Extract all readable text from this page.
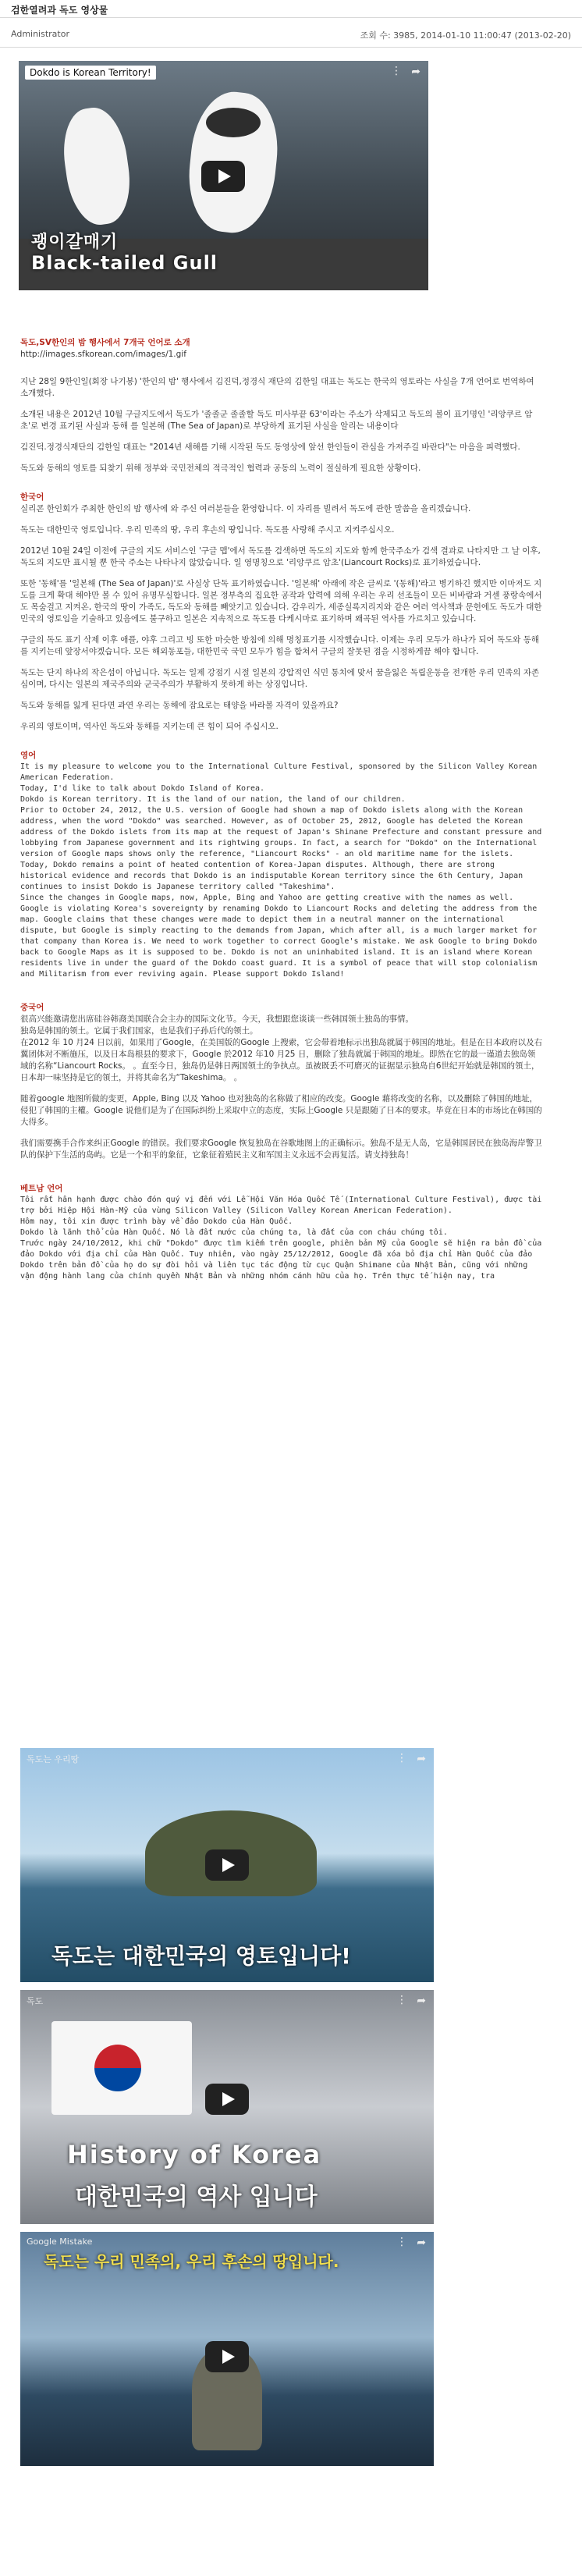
검한열려과 독도 영상물
Administrator	조회 수: 3985, 2014-01-10 11:00:47 (2013-02-20)
Dokdo is Korean Territory!	⋮ ➦
괭이갈매기
Black-tailed Gull

독도,SV한인의 밤 행사에서 7개국 언어로 소개

http://images.sfkorean.com/images/1.gif

지난 28일 9한인일(회장 나기봉) '한인의 밤' 행사에서 김진덕,정경식 재단의 김한일 대표는 독도는 한국의 영토라는 사실을 7개 언어로 번역하여 소개했다.

소개된 내용은 2012년 10월 구글지도에서 독도가 '졸졸군 졸졸할 독도 미사부끝 63'이라는 주소가 삭제되고 독도의 볼이 표기명인 '리앙쿠르 암초'로 변경 표기된 사실과 동해 를 일본해 (The Sea of Japan)로 부당하게 표기된 사실을 알리는 내용이다

김진덕.정경식재단의 김한일 대표는 "2014년 새해를 기해 시작된 독도 동영상에 앞선 한인들이 관심을 가져주길 바란다"는 마음을 피력했다.

독도와 동해의 영토를 되찾기 위해 정부와 국민전체의 적극적인 협력과 공동의 노력이 절실하게 필요한 상황이다.

한국어

실리콘 한인회가 주최한 한인의 밤 행사에 와 주신 여러분들을 환영합니다. 이 자리를 빌려서 독도에 관한 말씀을 올리겠습니다.

독도는 대한민국 영토입니다. 우리 민족의 땅, 우리 후손의 땅입니다. 독도를 사랑해 주시고 지켜주십시오.

2012년 10월 24일 이전에 구글의 지도 서비스인 '구글 맵'에서 독도를 검색하면 독도의 지도와 함께 한국주소가 검색 결과로 나타지만 그 날 이후, 독도의 지도만 표시될 뿐 한국 주소는 나타나지 않았습니다. 일 영명칭으로 '리앙쿠르 암초'(Liancourt Rocks)로 표기하였습니다.

또한 '동해'를 '일본해 (The Sea of Japan)'로 사실상 단독 표기하였습니다. '일본해' 아래에 작은 글씨로 '(동해)'라고 병기하긴 했지만 이마저도 지도를 크게 확대 해야만 볼 수 있어 유명무실합니다. 일본 정부측의 집요한 공작과 압력에 의해 우리는 우리 선조들이 모든 비바람과 거센 풍랑속에서도 목숨걸고 지켜온, 한국의 땅이 가족도, 독도와 동해를 빼앗기고 있습니다. 감우리가, 세종실록지리지와 같은 여러 역사책과 문헌에도 독도가 대한민국의 영토임을 기술하고 있음에도 불구하고 일본은 지속적으로 독도를 다케시마로 표기하며 왜곡된 역사를 가르치고 있습니다.

구글의 독도 표기 삭제 이후 애플, 야후 그리고 빙 또한 마슷한 방침에 의해 명칭표기를 시작했습니다. 이제는 우리 모두가 하나가 되어 독도와 동해를 지키는데 앞장서야겠습니다. 모든 해외동포들, 대한민국 국민 모두가 힘을 합쳐서 구글의 잘못된 점을 시정하게끔 해야 합니다.

독도는 단지 하나의 작은섬이 아닙니다. 독도는 일제 강점기 시절 일본의 강압적인 식민 통치에 맞서 꿈을잃은 독립운동을 전개한 우리 민족의 자존심이며, 다시는 일본의 제국주의와 군국주의가 부활하지 못하게 하는 상징입니다.

독도와 동해를 잃게 된다면 과연 우리는 동해에 잠요로는 태양을 바라볼 자격이 있을까요?

우리의 영토이며, 역사인 독도와 동해를 지키는데 큰 힘이 되어 주십시오.

영어

It is my pleasure to welcome you to the International Culture Festival, sponsored by the Silicon Valley Korean American Federation.
Today, I'd like to talk about Dokdo Island of Korea.
Dokdo is Korean territory. It is the land of our nation, the land of our children.
Prior to October 24, 2012, the U.S. version of Google had shown a map of Dokdo islets along with the Korean address, when the word "Dokdo" was searched. However, as of October 25, 2012, Google has deleted the Korean address of the Dokdo islets from its map at the request of Japan's Shinane Prefecture and constant pressure and lobbying from Japanese government and its rightwing groups. In fact, a search for "Dokdo" on the International version of Google maps shows only the reference, "Liancourt Rocks" - an old maritime name for the islets. Today, Dokdo remains a point of heated contention of Korea-Japan disputes. Although, there are strong historical evidence and records that Dokdo is an indisputable Korean territory since the 6th Century, Japan continues to insist Dokdo is Japanese territory called "Takeshima".
Since the changes in Google maps, now, Apple, Bing and Yahoo are getting creative with the names as well. Google is violating Korea's sovereignty by renaming Dokdo to Liancourt Rocks and deleting the address from the map. Google claims that these changes were made to depict them in a neutral manner on the international dispute, but Google is simply reacting to the demands from Japan, which after all, is a much larger market for that company than Korea is. We need to work together to correct Google's mistake. We ask Google to bring Dokdo back to Google Maps as it is supposed to be. Dokdo is not an uninhabited island. It is an island where Korean residents live in under the guard of the Dokdo coast guard. It is a symbol of peace that will stop colonialism and Militarism from ever reviving again. Please support Dokdo Island!

중국어

很高兴能邀请您出席硅谷韩裔美国联合会主办的国际文化节。今天，我想跟您谈谈一些韩国领土独岛的事情。
独岛是韩国的领土。它属于我们国家，也是我们子孙后代的领土。
在2012 年 10 月24 日以前，如果用了Google，在美国版的Google 上搜索，它会带着地标示出独岛就属于韩国的地址。但是在日本政府以及右翼团体对不断施压，以及日本岛根县的要求下，Google 於2012 年10 月25 日，删除了独岛就属于韩国的地址。即然在它的最一谨道去独岛领域的名称“Liancourt Rocks。 。直至今日，独岛仍是韩日两国领土的争执点。虽被既丢不可磨灭的证据显示独岛自6世纪开始就是韩国的領土，日本却一味坚持是它的領土，并将其命名为“Takeshima。 。

随着google 地图所做的变更，Apple, Bing 以及 Yahoo 也对独岛的名称做了相应的改变。Google 藉将改变的名称，以及删除了韩国的地址，侵犯了韩国的主權。Google 说他们是为了在国际纠纷上采取中立的态度，实际上Google 只是跟随了日本的要求。毕竟在日本的市场比在韩国的大得多。

我们需要携手合作来纠正Google 的错误。我们要求Google 恢复独岛在谷歌地图上的正确标示。独岛不是无人岛，它是韩国居民在独岛海岸警卫队的保护下生活的岛屿。它是一个和平的象征，它象征着殖民主义和军国主义永远不会再复活。请支持独岛！

베트남 언어

Tôi rất hân hạnh được chào đón quý vị đến với Lễ Hội Văn Hóa Quốc Tế (International Culture Festival), được tài trợ bởi Hiệp Hội Hàn-Mỹ của vùng Silicon Valley (Silicon Valley Korean American Federation).
Hôm nay, tôi xin được trình bày về đảo Dokdo của Hàn Quốc.
Dokdo là lãnh thổ của Hàn Quốc. Nó là đất nước của chúng ta, là đất của con cháu chúng tôi.
Trước ngày 24/10/2012, khi chữ "Dokdo" được tìm kiếm trên google, phiên bản Mỹ của Google sẽ hiện ra bản đồ của đảo Dokdo với địa chỉ của Hàn Quốc. Tuy nhiên, vào ngày 25/12/2012, Google đã xóa bỏ địa chỉ Hàn Quốc của đảo Dokdo trên bản đồ của họ do sự đòi hỏi và liên tục tác động từ cục Quận Shimane của Nhật Bản, cũng với những vận động hành lang của chính quyền Nhật Bản và những nhóm cánh hữu của họ. Trên thực tế hiện nay, tra

독도는 우리땅	⋮ ➦
독도는 대한민국의 영토입니다!
독도	⋮ ➦
History of Korea
대한민국의 역사 입니다
Google Mistake	⋮ ➦
독도는 우리 민족의, 우리 후손의 땅입니다.
